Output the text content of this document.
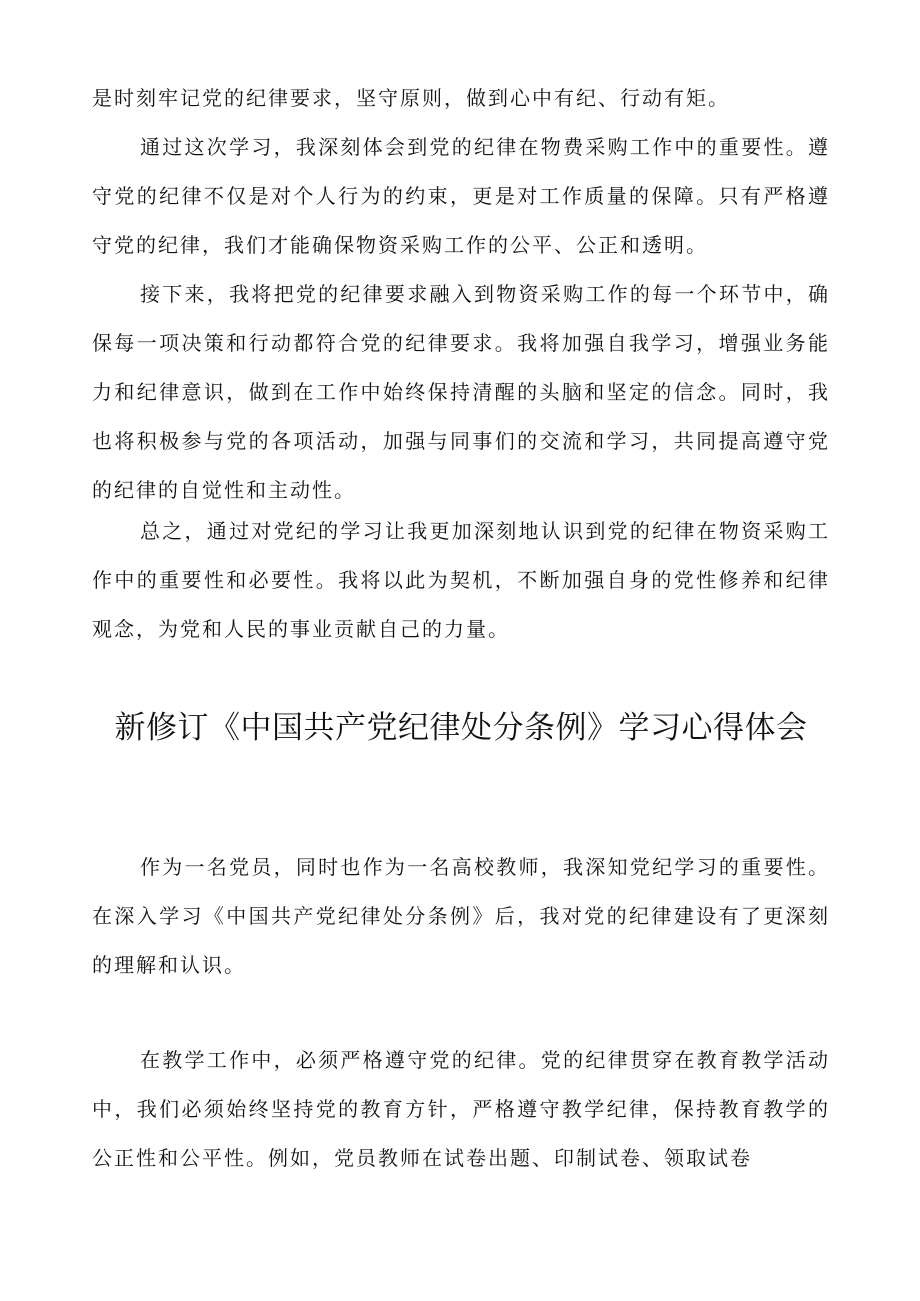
是时刻牢记党的纪律要求，坚守原则，做到心中有纪、行动有矩。

通过这次学习，我深刻体会到党的纪律在物费采购工作中的重要性。遵守党的纪律不仅是对个人行为的约束，更是对工作质量的保障。只有严格遵守党的纪律，我们才能确保物资采购工作的公平、公正和透明。

接下来，我将把党的纪律要求融入到物资采购工作的每一个环节中，确保每一项决策和行动都符合党的纪律要求。我将加强自我学习，增强业务能力和纪律意识，做到在工作中始终保持清醒的头脑和坚定的信念。同时，我也将积极参与党的各项活动，加强与同事们的交流和学习，共同提高遵守党的纪律的自觉性和主动性。

总之，通过对党纪的学习让我更加深刻地认识到党的纪律在物资采购工作中的重要性和必要性。我将以此为契机，不断加强自身的党性修养和纪律观念，为党和人民的事业贡献自己的力量。

新修订《中国共产党纪律处分条例》学习心得体会

作为一名党员，同时也作为一名高校教师，我深知党纪学习的重要性。在深入学习《中国共产党纪律处分条例》后，我对党的纪律建设有了更深刻的理解和认识。

在教学工作中，必须严格遵守党的纪律。党的纪律贯穿在教育教学活动中，我们必须始终坚持党的教育方针，严格遵守教学纪律，保持教育教学的公正性和公平性。例如，党员教师在试卷出题、印制试卷、领取试卷
